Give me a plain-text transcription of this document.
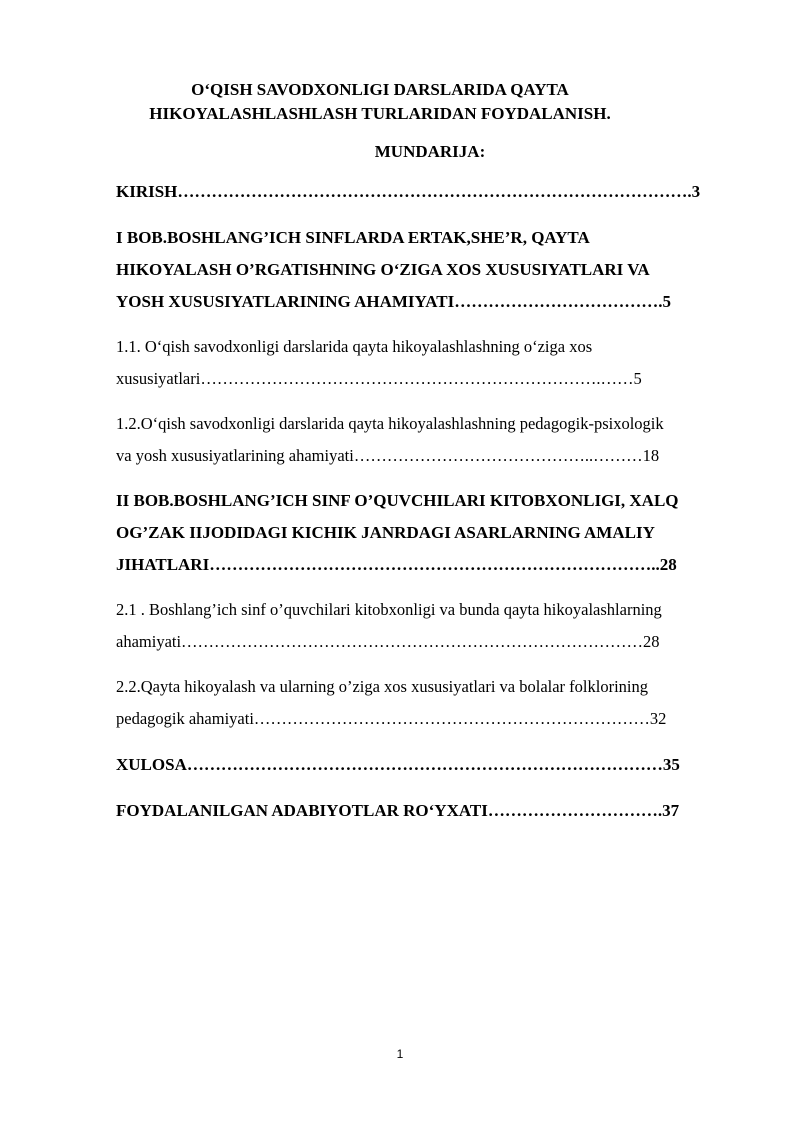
O‘QISH SAVODXONLIGI DARSLARIDA QAYTA
HIKOYALASHLASHLASH TURLARIDAN FOYDALANISH.
MUNDARIJA:

KIRISH……………………………………………………………………………….3

I BOB.BOSHLANG’ICH SINFLARDA ERTAK,SHE’R, QAYTA

HIKOYALASH O’RGATISHNING O‘ZIGA XOS XUSUSIYATLARI VA

YOSH XUSUSIYATLARINING AHAMIYATI……………………………….5

1.1. O‘qish savodxonligi darslarida qayta hikoyalashlashning o‘ziga xos

xususiyatlari……………………………………………………………….……5

1.2.O‘qish savodxonligi darslarida qayta hikoyalashlashning pedagogik-psixologik

va yosh xususiyatlarining ahamiyati……………………………………..………18

II BOB.BOSHLANG’ICH SINF O’QUVCHILARI KITOBXONLIGI, XALQ

OG’ZAK IIJODIDAGI KICHIK JANRDAGI ASARLARNING AMALIY

JIHATLARI……………………………………………………………………..28

2.1 . Boshlang’ich sinf o’quvchilari kitobxonligi va bunda qayta hikoyalashlarning

ahamiyati…………………………………………………………………………28

2.2.Qayta hikoyalash va ularning o’ziga xos xususiyatlari va bolalar folklorining

pedagogik ahamiyati………………………………………………………………32

XULOSA…………………………………………………………………………35

FOYDALANILGAN ADABIYOTLAR RO‘YXATI………………………….37

1
